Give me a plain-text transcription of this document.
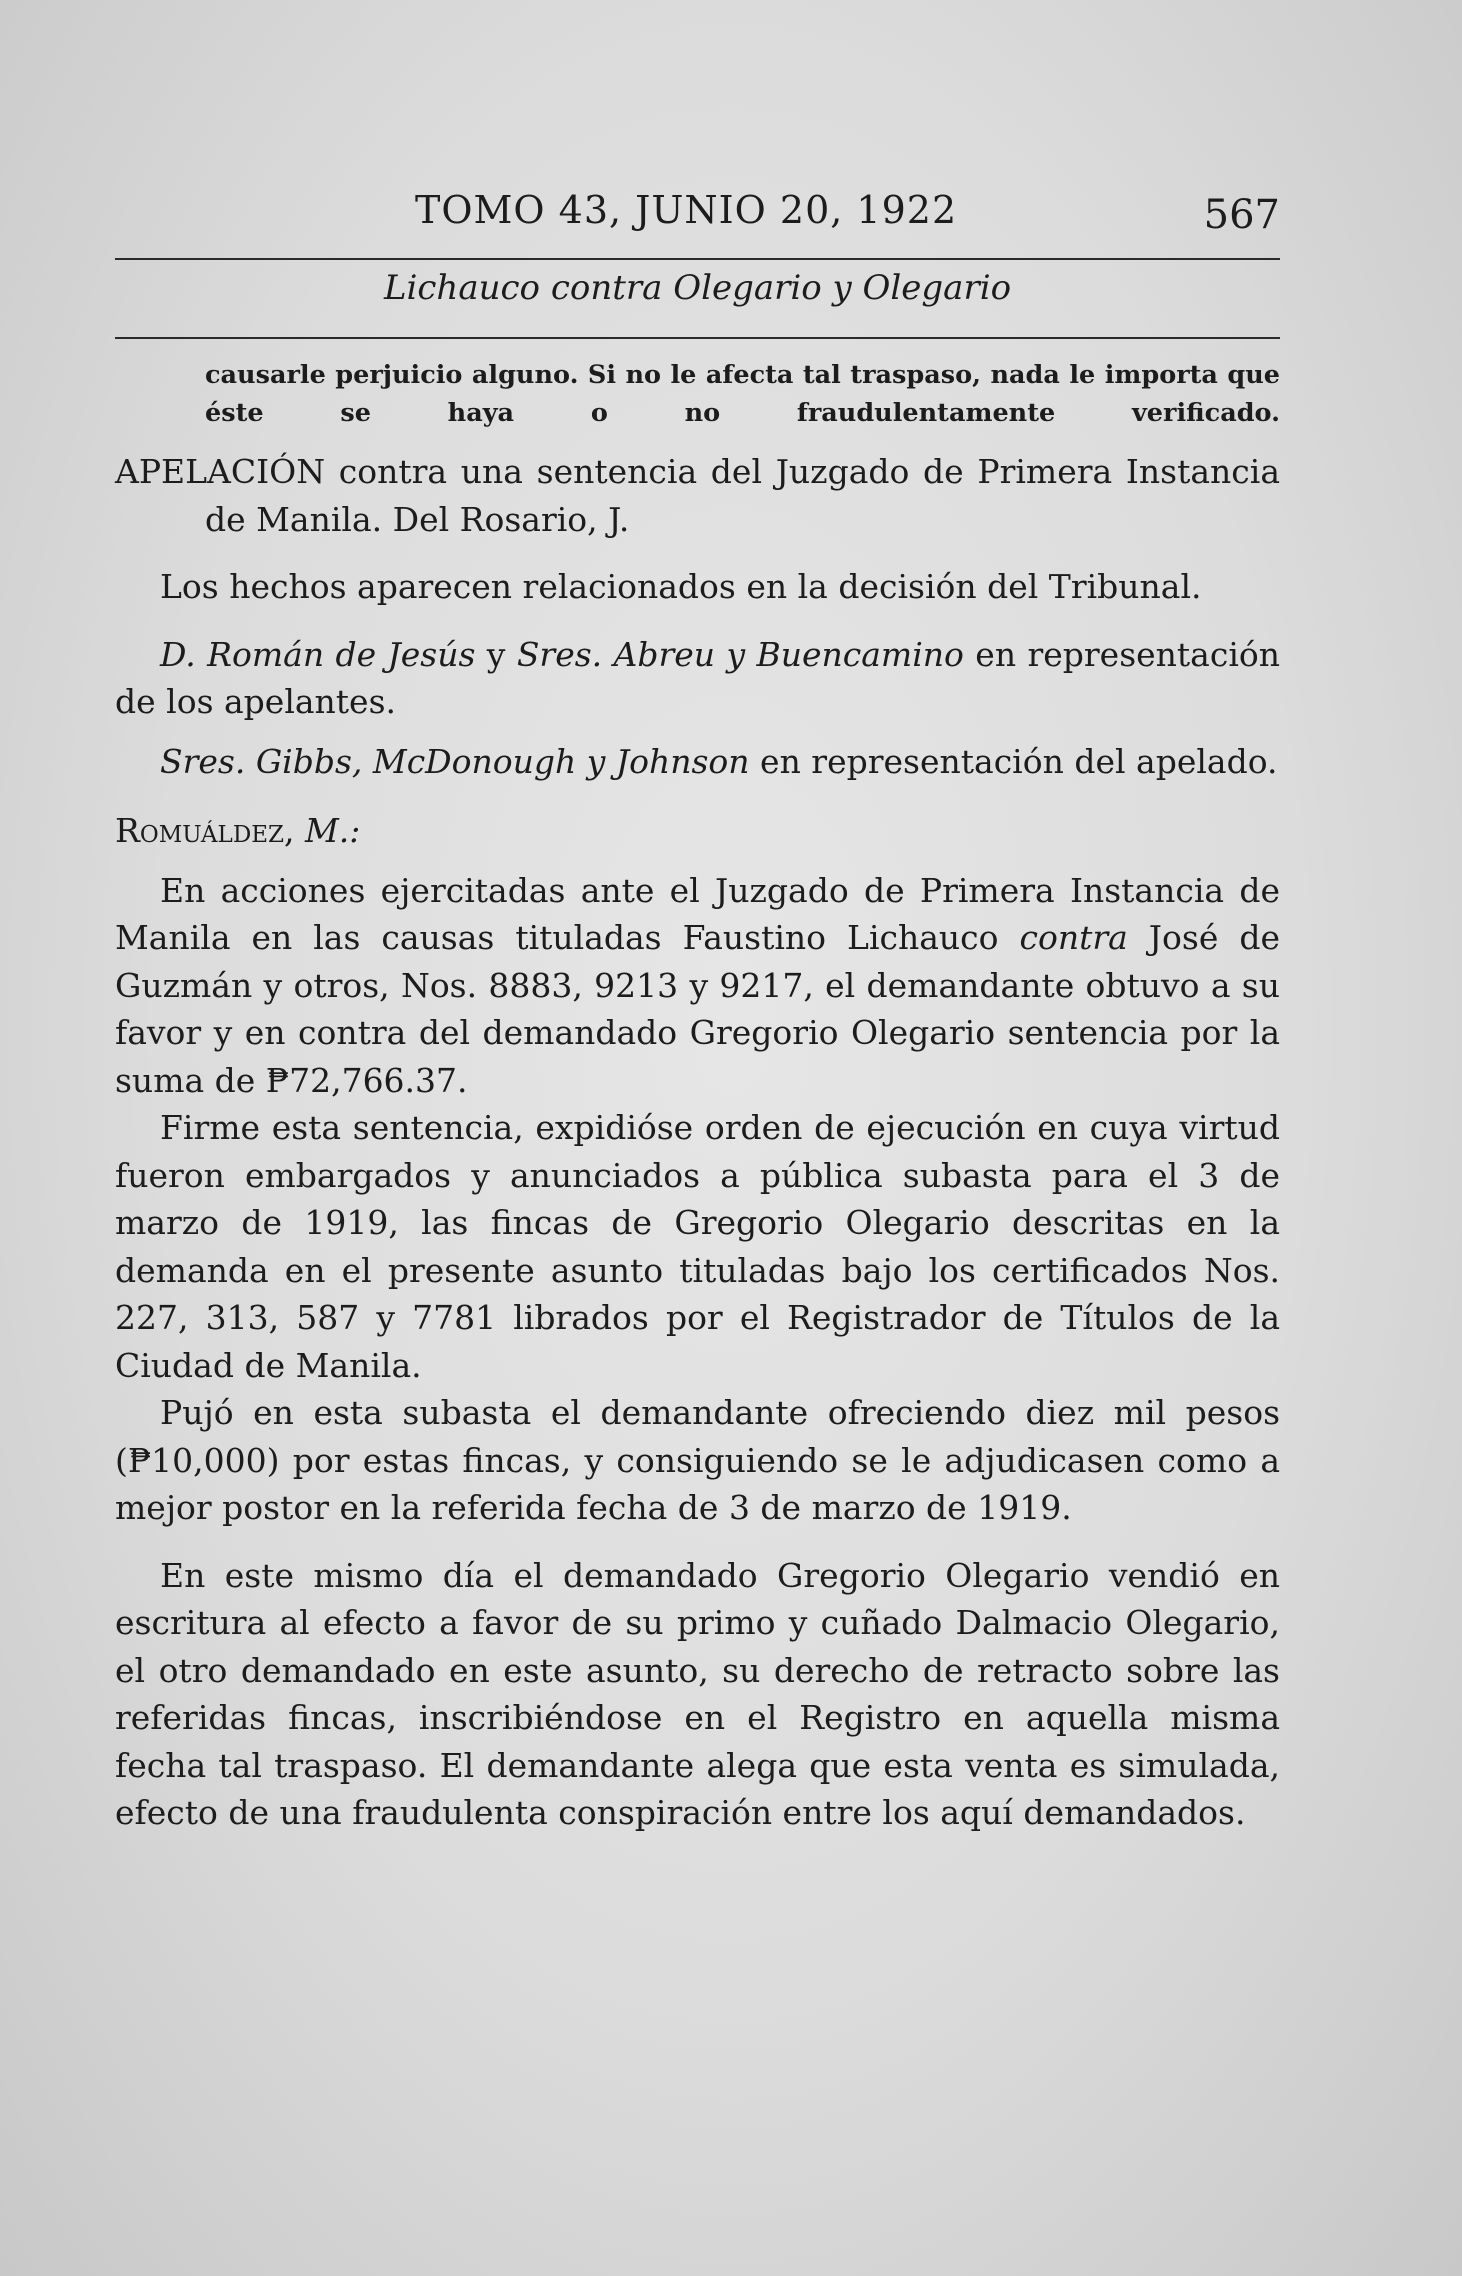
TOMO 43, JUNIO 20, 1922	567
Lichauco contra Olegario y Olegario
causarle perjuicio alguno. Si no le afecta tal traspaso, nada le importa que éste se haya o no fraudulentamente verificado.
APELACIÓN contra una sentencia del Juzgado de Primera Instancia de Manila. Del Rosario, J.

Los hechos aparecen relacionados en la decisión del Tribunal.

D. Román de Jesús y Sres. Abreu y Buencamino en representación de los apelantes.

Sres. Gibbs, McDonough y Johnson en representación del apelado.

Romuáldez, M.:

En acciones ejercitadas ante el Juzgado de Primera Instancia de Manila en las causas tituladas Faustino Lichauco contra José de Guzmán y otros, Nos. 8883, 9213 y 9217, el demandante obtuvo a su favor y en contra del demandado Gregorio Olegario sentencia por la suma de ₱72,766.37.

Firme esta sentencia, expidióse orden de ejecución en cuya virtud fueron embargados y anunciados a pública subasta para el 3 de marzo de 1919, las fincas de Gregorio Olegario descritas en la demanda en el presente asunto tituladas bajo los certificados Nos. 227, 313, 587 y 7781 librados por el Registrador de Títulos de la Ciudad de Manila.

Pujó en esta subasta el demandante ofreciendo diez mil pesos (₱10,000) por estas fincas, y consiguiendo se le adjudicasen como a mejor postor en la referida fecha de 3 de marzo de 1919.

En este mismo día el demandado Gregorio Olegario vendió en escritura al efecto a favor de su primo y cuñado Dalmacio Olegario, el otro demandado en este asunto, su derecho de retracto sobre las referidas fincas, inscribiéndose en el Registro en aquella misma fecha tal traspaso. El demandante alega que esta venta es simulada, efecto de una fraudulenta conspiración entre los aquí demandados.
